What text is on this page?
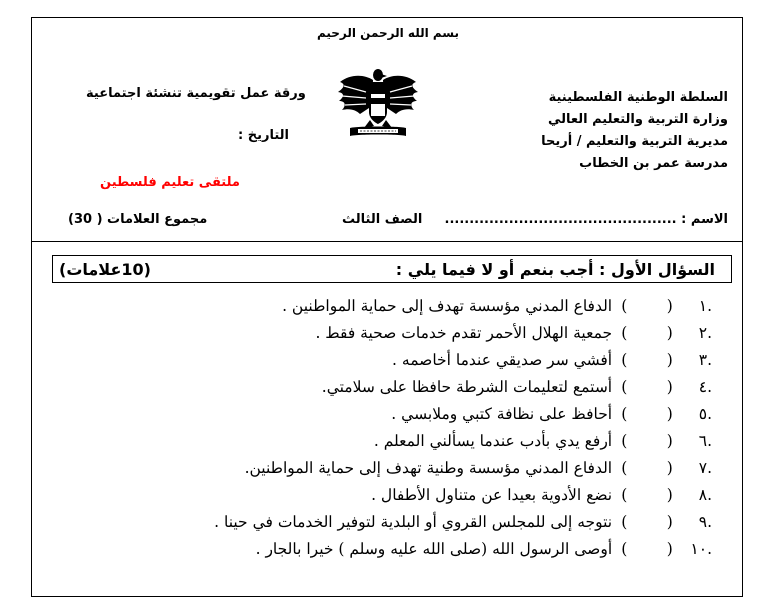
بسم الله الرحمن الرحيم
السلطة الوطنية الفلسطينية
وزارة التربية والتعليم العالي
مديرية التربية والتعليم / أريحا
مدرسة عمر بن الخطاب
ورقة عمل تقويمية تنشئة اجتماعية
التاريخ :
ملتقى تعليم فلسطين
الاسم : ...............................................
الصف الثالث
مجموع العلامات ( 30)
السؤال الأول : أجب بنعم أو لا فيما يلي :
(10علامات)
.١ (        ) الدفاع المدني مؤسسة تهدف إلى حماية المواطنين .
.٢ (        ) جمعية الهلال الأحمر تقدم خدمات صحية فقط .
.٣ (        ) أفشي سر صديقي عندما أخاصمه .
.٤ (        ) أستمع لتعليمات الشرطة حافظا على سلامتي.
.٥ (        ) أحافظ على نظافة كتبي وملابسي .
.٦ (        ) أرفع يدي بأدب عندما يسألني المعلم .
.٧ (        ) الدفاع المدني مؤسسة وطنية تهدف إلى حماية المواطنين.
.٨ (        ) نضع الأدوية بعيدا عن متناول الأطفال .
.٩ (        ) نتوجه إلى للمجلس القروي أو البلدية لتوفير الخدمات في حينا .
.١٠ (        ) أوصى الرسول الله (صلى الله عليه وسلم ) خيرا بالجار .
